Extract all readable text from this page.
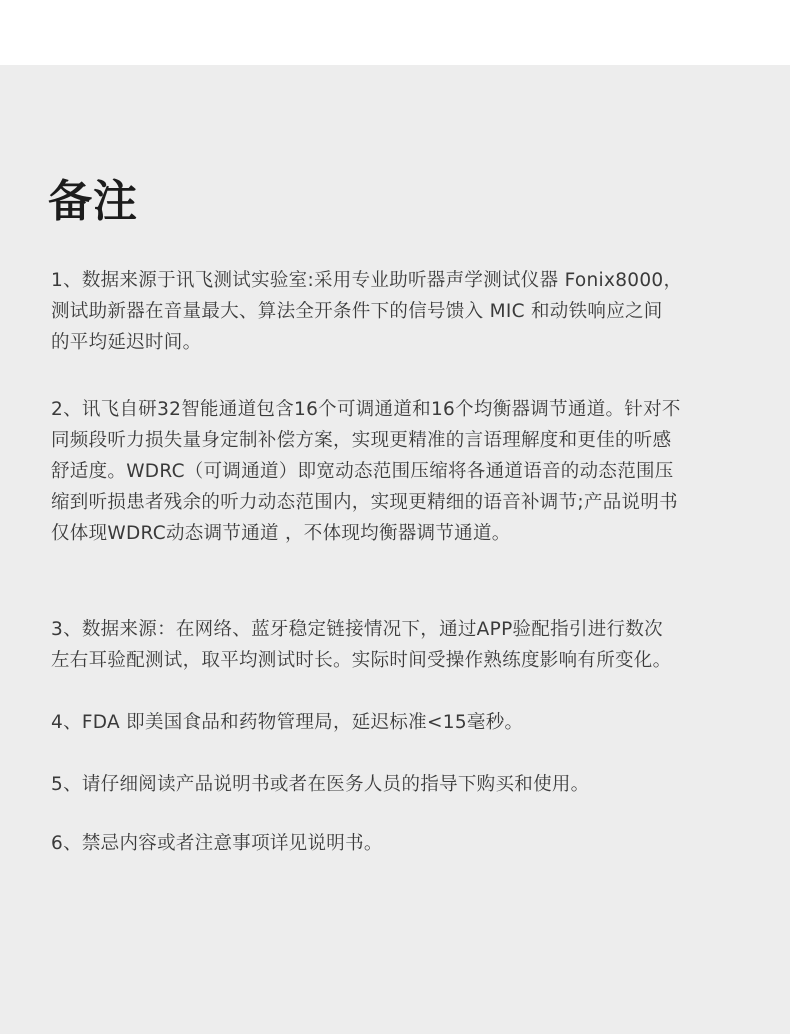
备注

1、数据来源于讯飞测试实验室:采用专业助听器声学测试仪器 Fonix8000，
测试助新器在音量最大、算法全开条件下的信号馈入 MIC 和动铁响应之间
的平均延迟时间。

2、讯飞自研32智能通道包含16个可调通道和16个均衡器调节通道。针对不
同频段听力损失量身定制补偿方案，实现更精准的言语理解度和更佳的听感
舒适度。WDRC（可调通道）即宽动态范围压缩将各通道语音的动态范围压
缩到听损患者残余的听力动态范围内，实现更精细的语音补调节;产品说明书
仅体现WDRC动态调节通道 ，不体现均衡器调节通道。

3、数据来源：在网络、蓝牙稳定链接情况下，通过APP验配指引进行数次
左右耳验配测试，取平均测试时长。实际时间受操作熟练度影响有所变化。

4、FDA 即美国食品和药物管理局，延迟标准<15毫秒。

5、请仔细阅读产品说明书或者在医务人员的指导下购买和使用。

6、禁忌内容或者注意事项详见说明书。
